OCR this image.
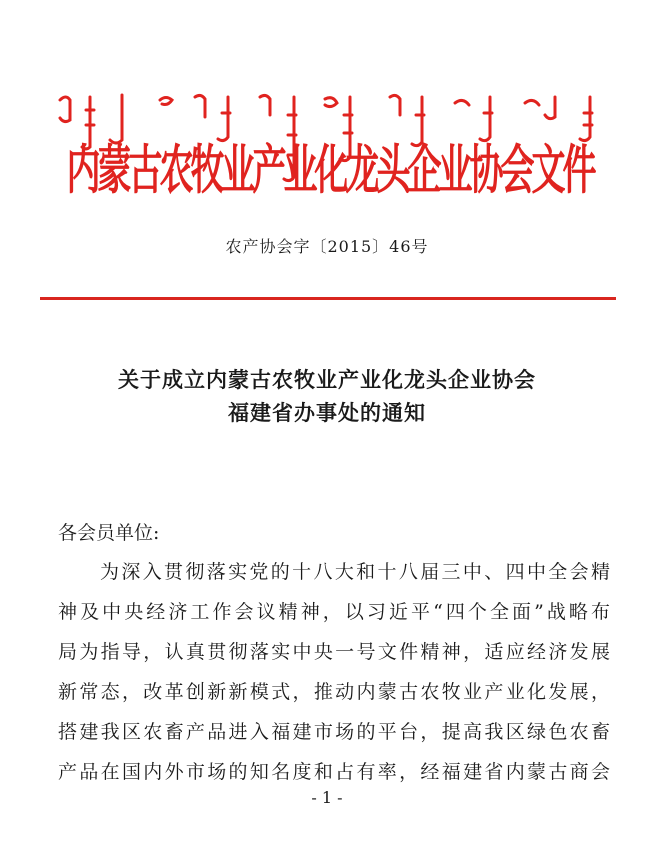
内蒙古农牧业产业化龙头企业协会文件
农产协会字〔2015〕46号
关于成立内蒙古农牧业产业化龙头企业协会
福建省办事处的通知
各会员单位:
为深入贯彻落实党的十八大和十八届三中、四中全会精
神及中央经济工作会议精神，以习近平“四个全面”战略布
局为指导，认真贯彻落实中央一号文件精神，适应经济发展
新常态，改革创新新模式，推动内蒙古农牧业产业化发展，
搭建我区农畜产品进入福建市场的平台，提高我区绿色农畜
产品在国内外市场的知名度和占有率，经福建省内蒙古商会
- 1 -
